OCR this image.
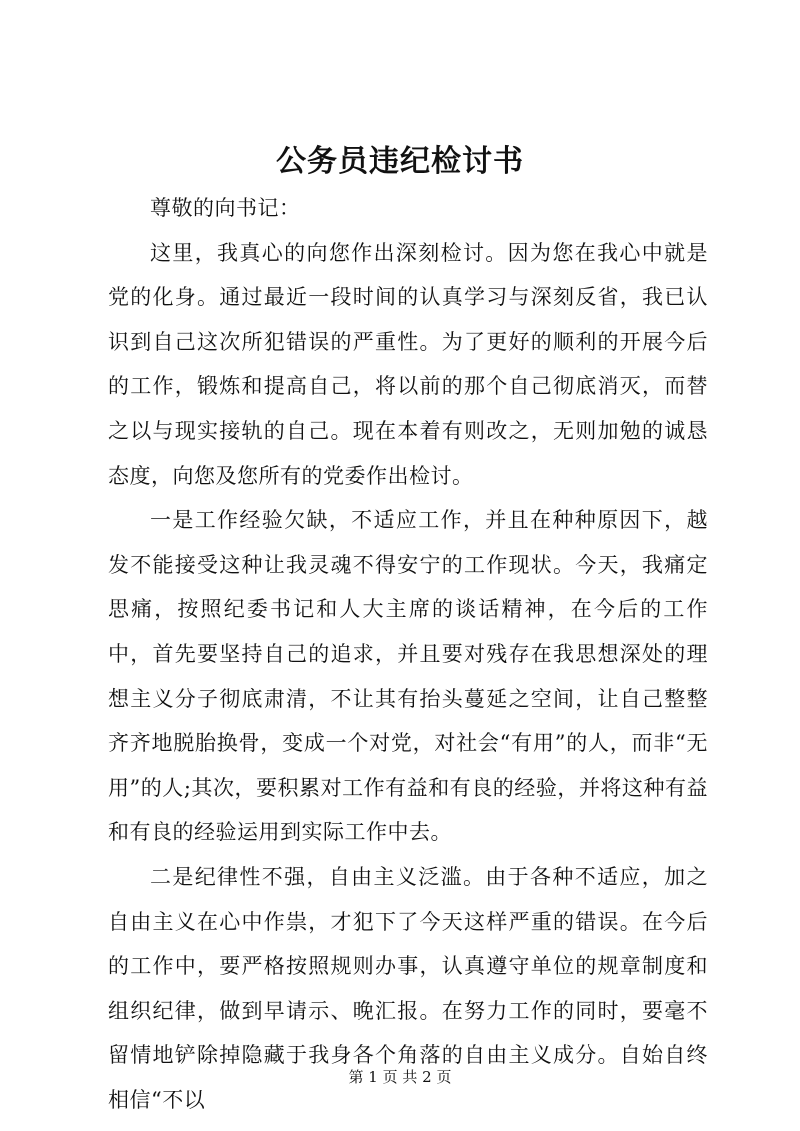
公务员违纪检讨书

尊敬的向书记：

这里，我真心的向您作出深刻检讨。因为您在我心中就是党的化身。通过最近一段时间的认真学习与深刻反省，我已认识到自己这次所犯错误的严重性。为了更好的顺利的开展今后的工作，锻炼和提高自己，将以前的那个自己彻底消灭，而替之以与现实接轨的自己。现在本着有则改之，无则加勉的诚恳态度，向您及您所有的党委作出检讨。

一是工作经验欠缺，不适应工作，并且在种种原因下，越发不能接受这种让我灵魂不得安宁的工作现状。今天，我痛定思痛，按照纪委书记和人大主席的谈话精神，在今后的工作中，首先要坚持自己的追求，并且要对残存在我思想深处的理想主义分子彻底肃清，不让其有抬头蔓延之空间，让自己整整齐齐地脱胎换骨，变成一个对党，对社会“有用”的人，而非“无用”的人;其次，要积累对工作有益和有良的经验，并将这种有益和有良的经验运用到实际工作中去。

二是纪律性不强，自由主义泛滥。由于各种不适应，加之自由主义在心中作祟，才犯下了今天这样严重的错误。在今后的工作中，要严格按照规则办事，认真遵守单位的规章制度和组织纪律，做到早请示、晚汇报。在努力工作的同时，要毫不留情地铲除掉隐藏于我身各个角落的自由主义成分。自始自终相信“不以

第 1 页 共 2 页
